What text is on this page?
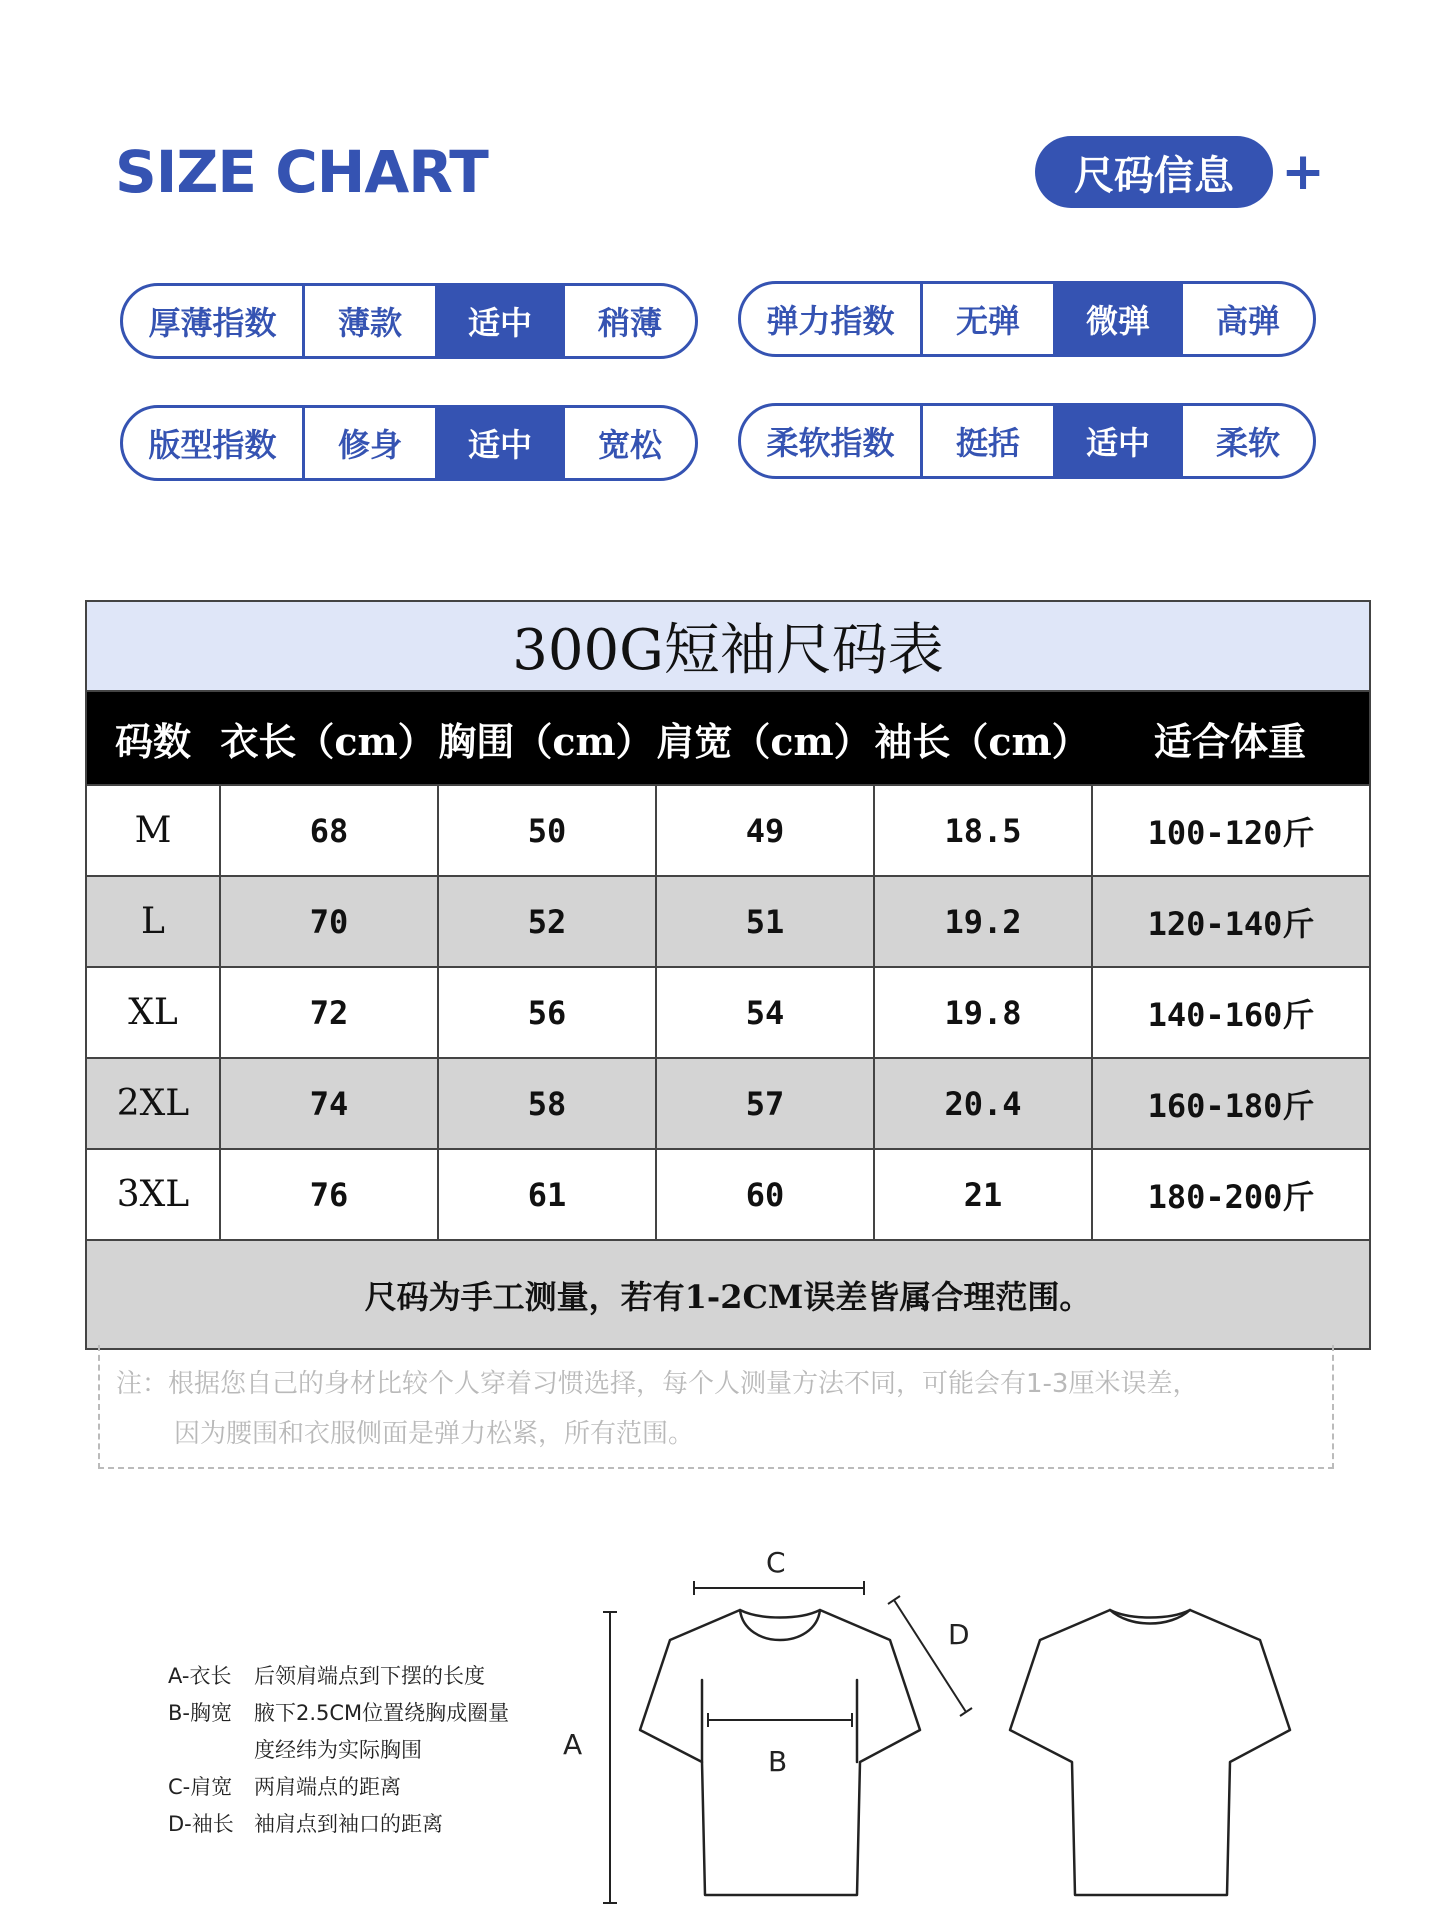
SIZE CHART	尺码信息 +
厚薄指数	薄款	适中	稍薄	弹力指数	无弹	微弹	高弹
版型指数	修身	适中	宽松	柔软指数	挺括	适中	柔软
300G短袖尺码表
码数 衣长（cm） 胸围（cm） 肩宽（cm） 袖长（cm）	适合体重
M	68	50	49	18.5	100-120斤
L	70	52	51	19.2	120-140斤
XL	72	56	54	19.8	140-160斤
2XL	74	58	57	20.4	160-180斤
3XL	76	61	60	21	180-200斤
尺码为手工测量，若有1-2CM误差皆属合理范围。
注：根据您自己的身材比较个人穿着习惯选择，每个人测量方法不同，可能会有1-3厘米误差，
因为腰围和衣服侧面是弹力松紧，所有范围。
A-衣长	后领肩端点到下摆的长度
B-胸宽	腋下2.5CM位置绕胸成圈量
度经纬为实际胸围
C-肩宽	两肩端点的距离
D-袖长 袖肩点到袖口的距离
A
B
C
D
